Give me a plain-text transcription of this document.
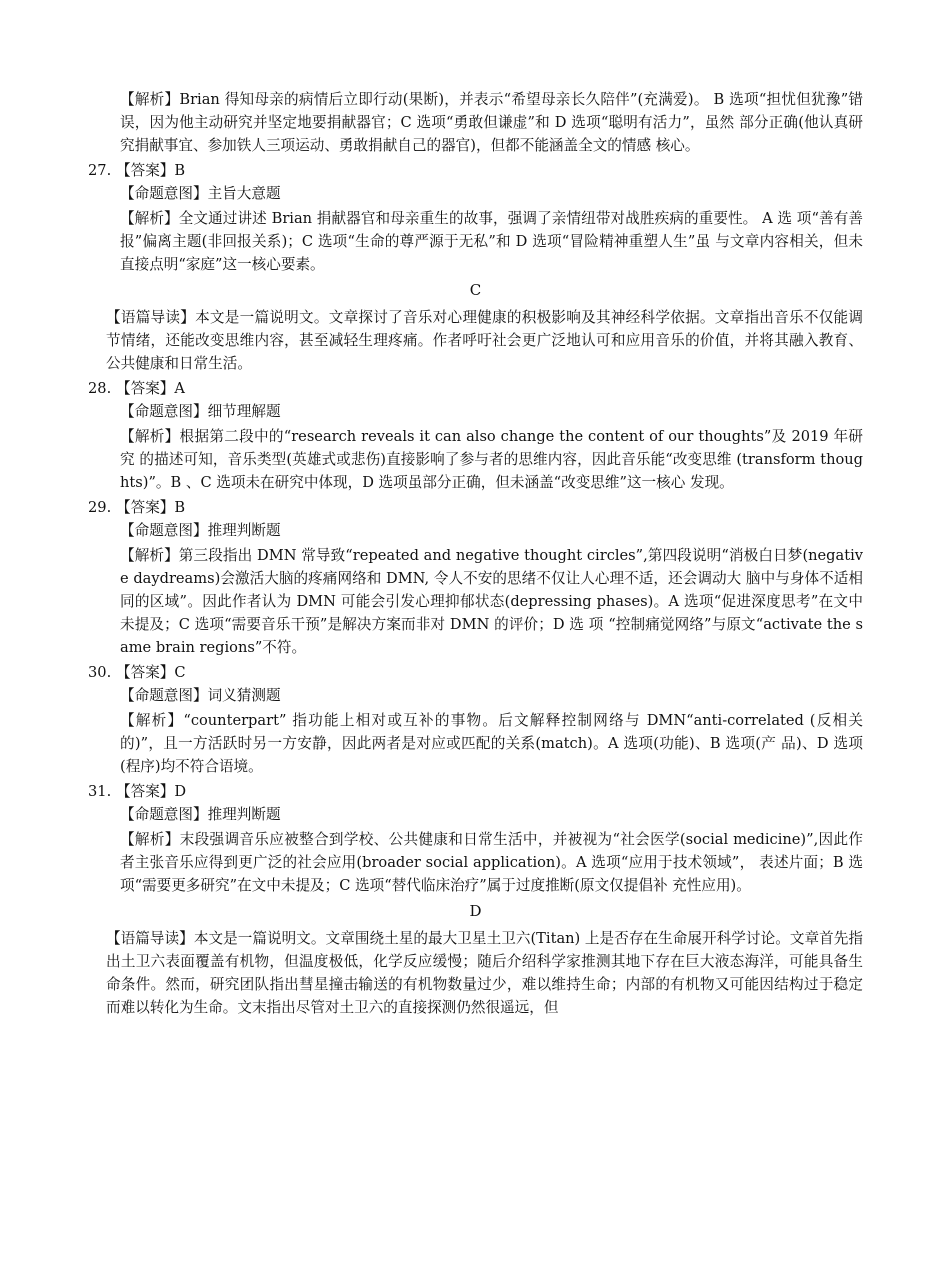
【解析】Brian 得知母亲的病情后立即行动(果断)，并表示“希望母亲长久陪伴”(充满爱)。 B 选项“担忧但犹豫”错误，因为他主动研究并坚定地要捐献器官；C 选项“勇敢但谦虚”和 D 选项“聪明有活力”，虽然 部分正确(他认真研究捐献事宜、参加铁人三项运动、勇敢捐献自己的器官)，但都不能涵盖全文的情感 核心。

27. 【答案】B

【命题意图】主旨大意题

【解析】全文通过讲述 Brian 捐献器官和母亲重生的故事，强调了亲情纽带对战胜疾病的重要性。 A 选 项“善有善报”偏离主题(非回报关系)；C 选项“生命的尊严源于无私”和 D 选项“冒险精神重塑人生”虽 与文章内容相关，但未直接点明“家庭”这一核心要素。

C

【语篇导读】本文是一篇说明文。文章探讨了音乐对心理健康的积极影响及其神经科学依据。文章指出音乐不仅能调节情绪，还能改变思维内容，甚至减轻生理疼痛。作者呼吁社会更广泛地认可和应用音乐的价值，并将其融入教育、公共健康和日常生活。

28. 【答案】A

【命题意图】细节理解题

【解析】根据第二段中的“research reveals it can also change the content of our thoughts”及 2019 年研究 的描述可知，音乐类型(英雄式或悲伤)直接影响了参与者的思维内容，因此音乐能“改变思维 (transform thoughts)”。B 、C 选项未在研究中体现，D 选项虽部分正确，但未涵盖“改变思维”这一核心 发现。

29. 【答案】B

【命题意图】推理判断题

【解析】第三段指出 DMN 常导致“repeated and negative thought circles”,第四段说明“消极白日梦(negative daydreams)会激活大脑的疼痛网络和 DMN, 令人不安的思绪不仅让人心理不适，还会调动大 脑中与身体不适相同的区域”。因此作者认为 DMN 可能会引发心理抑郁状态(depressing phases)。A 选项“促进深度思考”在文中未提及；C 选项“需要音乐干预”是解决方案而非对 DMN 的评价；D 选 项 “控制痛觉网络”与原文“activate the same brain regions”不符。

30. 【答案】C

【命题意图】词义猜测题

【解析】“counterpart” 指功能上相对或互补的事物。后文解释控制网络与 DMN“anti-correlated (反相关 的)”，且一方活跃时另一方安静，因此两者是对应或匹配的关系(match)。A 选项(功能)、B 选项(产 品)、D 选项(程序)均不符合语境。

31. 【答案】D

【命题意图】推理判断题

【解析】末段强调音乐应被整合到学校、公共健康和日常生活中，并被视为“社会医学(social medicine)”,因此作者主张音乐应得到更广泛的社会应用(broader social application)。A 选项“应用于技术领域”， 表述片面；B 选项“需要更多研究”在文中未提及；C 选项“替代临床治疗”属于过度推断(原文仅提倡补 充性应用)。

D

【语篇导读】本文是一篇说明文。文章围绕土星的最大卫星土卫六(Titan) 上是否存在生命展开科学讨论。文章首先指出土卫六表面覆盖有机物，但温度极低，化学反应缓慢；随后介绍科学家推测其地下存在巨大液态海洋，可能具备生命条件。然而，研究团队指出彗星撞击输送的有机物数量过少，难以维持生命；内部的有机物又可能因结构过于稳定而难以转化为生命。文末指出尽管对土卫六的直接探测仍然很遥远，但
